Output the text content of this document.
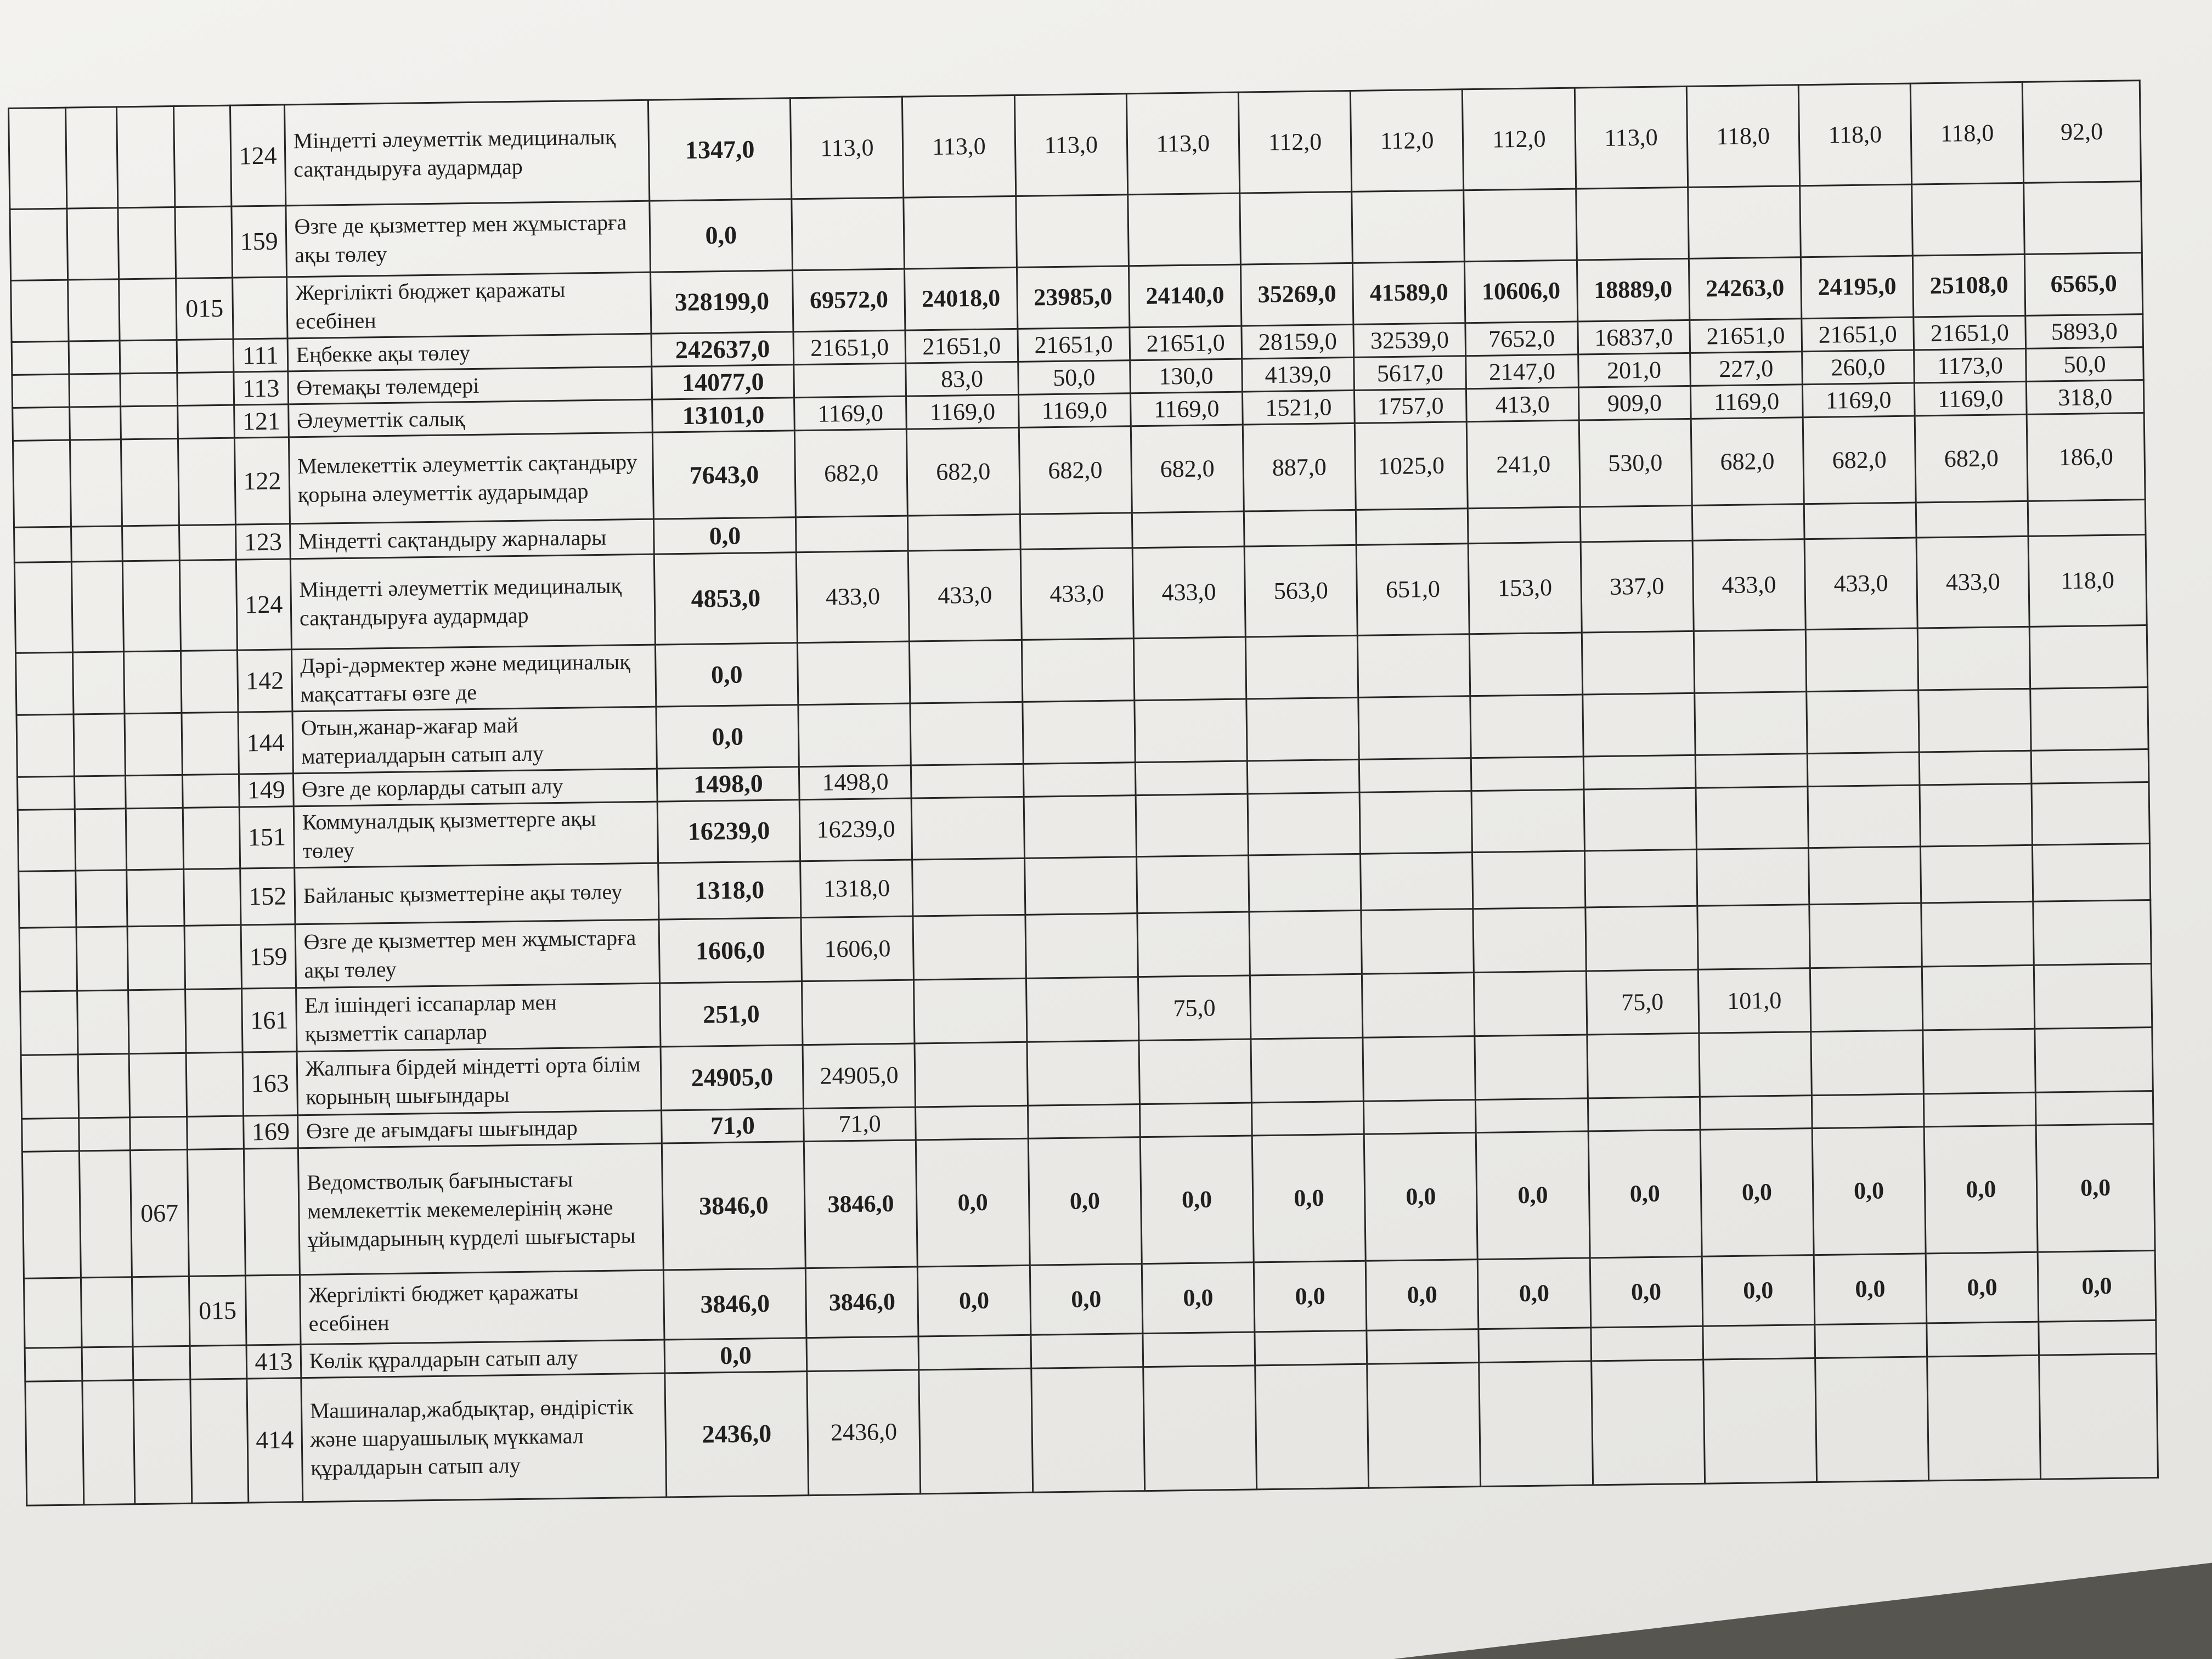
				124	Міндетті әлеуметтік медициналық сақтандыруға аудармдар	1347,0	113,0	113,0	113,0	113,0	112,0	112,0	112,0	113,0	118,0	118,0	118,0	92,0
				159	Өзге де қызметтер мен жұмыстарға ақы төлеу	0,0												
			015		Жергілікті бюджет қаражаты есебінен	328199,0	69572,0	24018,0	23985,0	24140,0	35269,0	41589,0	10606,0	18889,0	24263,0	24195,0	25108,0	6565,0
				111	Еңбекке ақы төлеу	242637,0	21651,0	21651,0	21651,0	21651,0	28159,0	32539,0	7652,0	16837,0	21651,0	21651,0	21651,0	5893,0
				113	Өтемақы төлемдері	14077,0		83,0	50,0	130,0	4139,0	5617,0	2147,0	201,0	227,0	260,0	1173,0	50,0
				121	Әлеуметтік салық	13101,0	1169,0	1169,0	1169,0	1169,0	1521,0	1757,0	413,0	909,0	1169,0	1169,0	1169,0	318,0
				122	Мемлекеттік әлеуметтік сақтандыру қорына әлеуметтік аударымдар	7643,0	682,0	682,0	682,0	682,0	887,0	1025,0	241,0	530,0	682,0	682,0	682,0	186,0
				123	Міндетті сақтандыру жарналары	0,0												
				124	Міндетті әлеуметтік медициналық сақтандыруға аудармдар	4853,0	433,0	433,0	433,0	433,0	563,0	651,0	153,0	337,0	433,0	433,0	433,0	118,0
				142	Дәрі-дәрмектер және медициналық мақсаттағы өзге де	0,0												
				144	Отын,жанар-жағар май материалдарын сатып алу	0,0												
				149	Өзге де корларды сатып алу	1498,0	1498,0											
				151	Коммуналдық қызметтерге ақы төлеу	16239,0	16239,0											
				152	Байланыс қызметтеріне ақы төлеу	1318,0	1318,0											
				159	Өзге де қызметтер мен жұмыстарға ақы төлеу	1606,0	1606,0											
				161	Ел ішіндегі іссапарлар мен қызметтік сапарлар	251,0				75,0				75,0	101,0			
				163	Жалпыға бірдей міндетті орта білім корының шығындары	24905,0	24905,0											
				169	Өзге де ағымдағы шығындар	71,0	71,0											
		067			Ведомстволық бағыныстағы мемлекеттік мекемелерінің және ұйымдарының күрделі шығыстары	3846,0	3846,0	0,0	0,0	0,0	0,0	0,0	0,0	0,0	0,0	0,0	0,0	0,0
			015		Жергілікті бюджет қаражаты есебінен	3846,0	3846,0	0,0	0,0	0,0	0,0	0,0	0,0	0,0	0,0	0,0	0,0	0,0
				413	Көлік құралдарын сатып алу	0,0												
				414	Машиналар,жабдықтар, өндірістік және шаруашылық мүккамал құралдарын сатып алу	2436,0	2436,0											
